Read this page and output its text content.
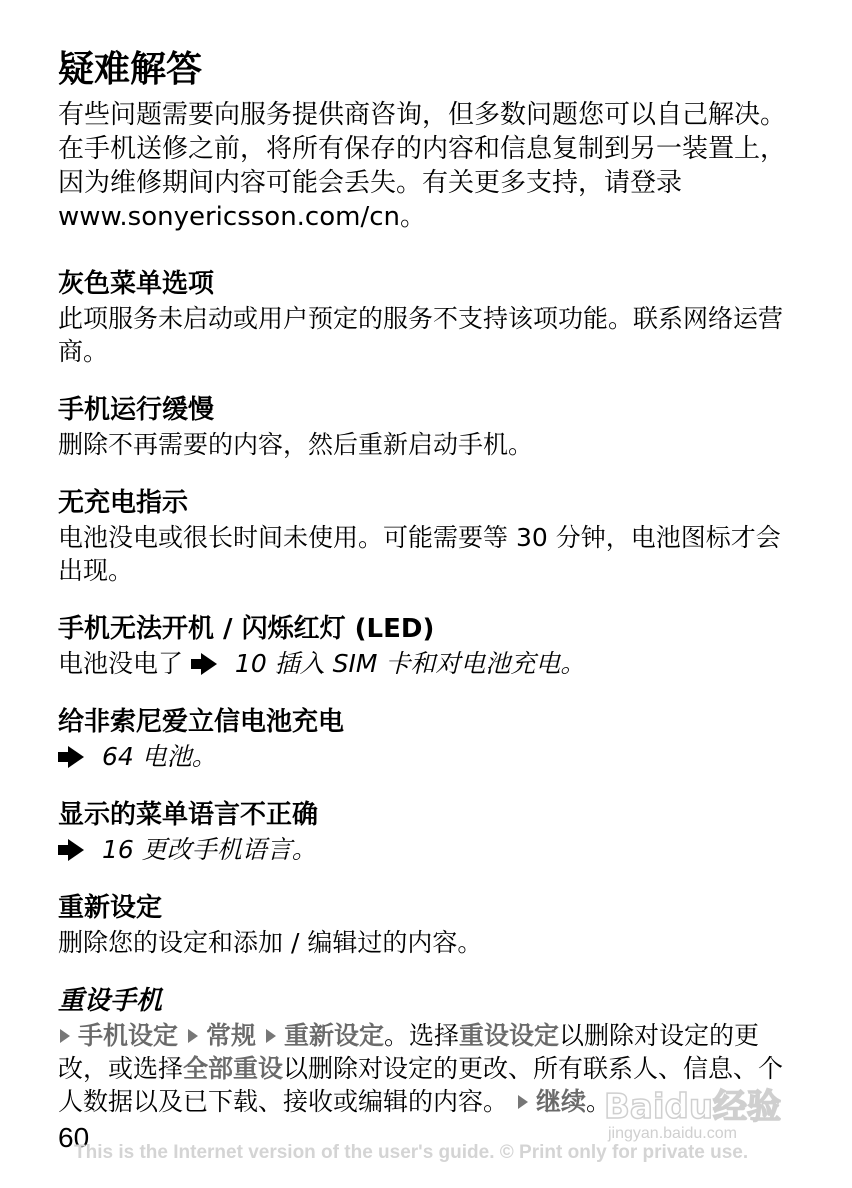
疑难解答

有些问题需要向服务提供商咨询，但多数问题您可以自己解决。在手机送修之前，将所有保存的内容和信息复制到另一装置上，因为维修期间内容可能会丢失。有关更多支持，请登录 www.sonyericsson.com/cn。

灰色菜单选项

此项服务未启动或用户预定的服务不支持该项功能。联系网络运营商。

手机运行缓慢

删除不再需要的内容，然后重新启动手机。

无充电指示

电池没电或很长时间未使用。可能需要等 30 分钟，电池图标才会出现。

手机无法开机 / 闪烁红灯 (LED)

电池没电了 10 插入 SIM 卡和对电池充电。

给非索尼爱立信电池充电

64 电池。

显示的菜单语言不正确

16 更改手机语言。

重新设定

删除您的设定和添加 / 编辑过的内容。

重设手机

手机设定 常规 重新设定。选择重设设定以删除对设定的更改，或选择全部重设以删除对设定的更改、所有联系人、信息、个人数据以及已下载、接收或编辑的内容。 继续。

60
This is the Internet version of the user's guide. © Print only for private use.
Baidu经验
jingyan.baidu.com
